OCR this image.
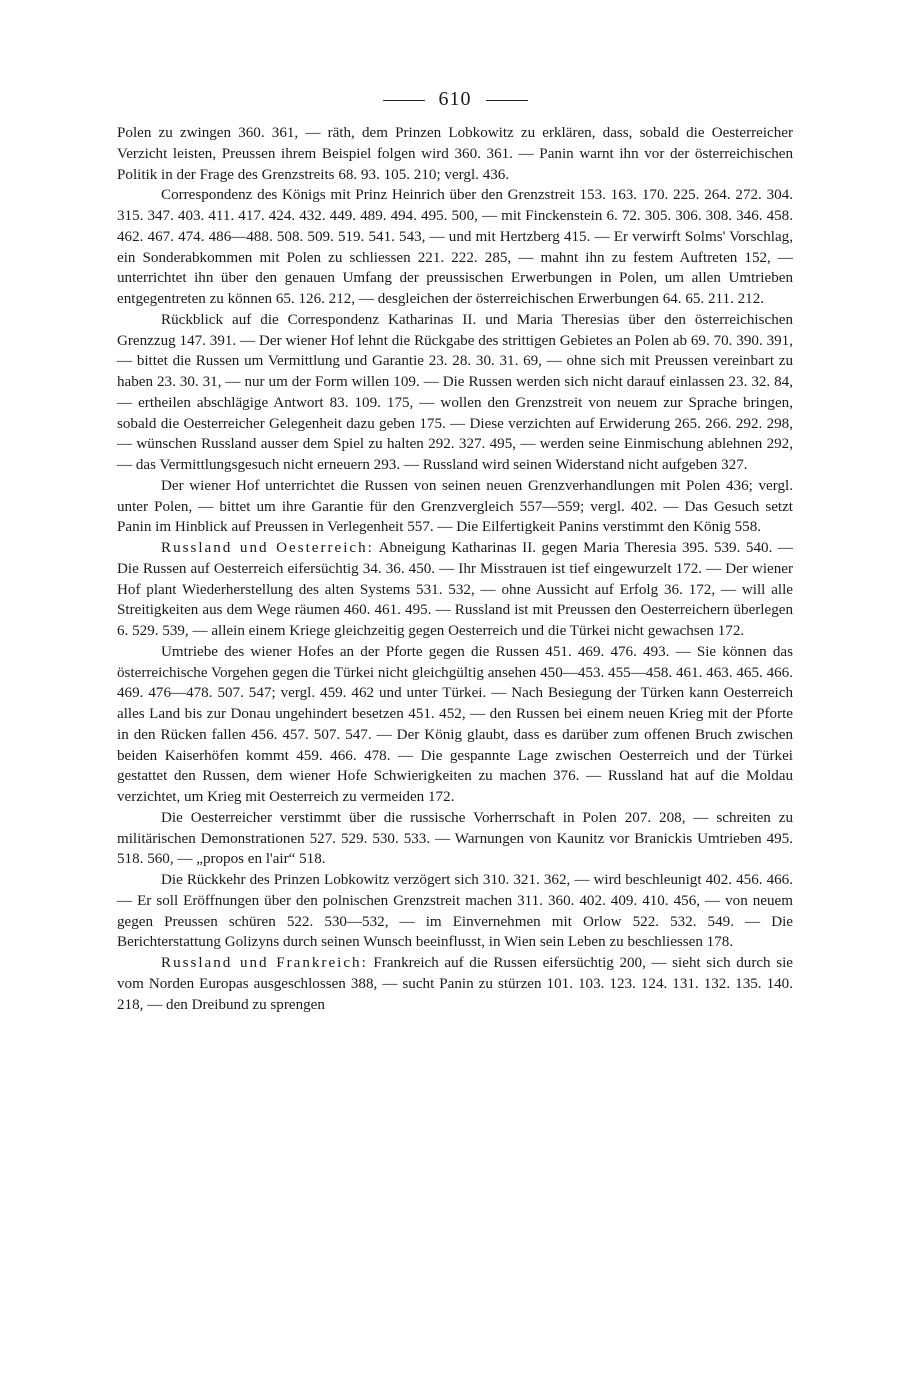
610

Polen zu zwingen 360. 361, — räth, dem Prinzen Lobkowitz zu erklären, dass, sobald die Oesterreicher Verzicht leisten, Preussen ihrem Beispiel folgen wird 360. 361. — Panin warnt ihn vor der österreichischen Politik in der Frage des Grenzstreits 68. 93. 105. 210; vergl. 436.

Correspondenz des Königs mit Prinz Heinrich über den Grenzstreit 153. 163. 170. 225. 264. 272. 304. 315. 347. 403. 411. 417. 424. 432. 449. 489. 494. 495. 500, — mit Finckenstein 6. 72. 305. 306. 308. 346. 458. 462. 467. 474. 486—488. 508. 509. 519. 541. 543, — und mit Hertzberg 415. — Er verwirft Solms' Vorschlag, ein Sonderabkommen mit Polen zu schliessen 221. 222. 285, — mahnt ihn zu festem Auftreten 152, — unterrichtet ihn über den genauen Umfang der preussischen Erwerbungen in Polen, um allen Umtrieben entgegentreten zu können 65. 126. 212, — desgleichen der österreichischen Erwerbungen 64. 65. 211. 212.

Rückblick auf die Correspondenz Katharinas II. und Maria Theresias über den österreichischen Grenzzug 147. 391. — Der wiener Hof lehnt die Rückgabe des strittigen Gebietes an Polen ab 69. 70. 390. 391, — bittet die Russen um Vermittlung und Garantie 23. 28. 30. 31. 69, — ohne sich mit Preussen vereinbart zu haben 23. 30. 31, — nur um der Form willen 109. — Die Russen werden sich nicht darauf einlassen 23. 32. 84, — ertheilen abschlägige Antwort 83. 109. 175, — wollen den Grenzstreit von neuem zur Sprache bringen, sobald die Oesterreicher Gelegenheit dazu geben 175. — Diese verzichten auf Erwiderung 265. 266. 292. 298, — wünschen Russland ausser dem Spiel zu halten 292. 327. 495, — werden seine Einmischung ablehnen 292, — das Vermittlungsgesuch nicht erneuern 293. — Russland wird seinen Widerstand nicht aufgeben 327.

Der wiener Hof unterrichtet die Russen von seinen neuen Grenzverhandlungen mit Polen 436; vergl. unter Polen, — bittet um ihre Garantie für den Grenzvergleich 557—559; vergl. 402. — Das Gesuch setzt Panin im Hinblick auf Preussen in Verlegenheit 557. — Die Eilfertigkeit Panins verstimmt den König 558.

Russland und Oesterreich: Abneigung Katharinas II. gegen Maria Theresia 395. 539. 540. — Die Russen auf Oesterreich eifersüchtig 34. 36. 450. — Ihr Misstrauen ist tief eingewurzelt 172. — Der wiener Hof plant Wiederherstellung des alten Systems 531. 532, — ohne Aussicht auf Erfolg 36. 172, — will alle Streitigkeiten aus dem Wege räumen 460. 461. 495. — Russland ist mit Preussen den Oesterreichern überlegen 6. 529. 539, — allein einem Kriege gleichzeitig gegen Oesterreich und die Türkei nicht gewachsen 172.

Umtriebe des wiener Hofes an der Pforte gegen die Russen 451. 469. 476. 493. — Sie können das österreichische Vorgehen gegen die Türkei nicht gleichgültig ansehen 450—453. 455—458. 461. 463. 465. 466. 469. 476—478. 507. 547; vergl. 459. 462 und unter Türkei. — Nach Besiegung der Türken kann Oesterreich alles Land bis zur Donau ungehindert besetzen 451. 452, — den Russen bei einem neuen Krieg mit der Pforte in den Rücken fallen 456. 457. 507. 547. — Der König glaubt, dass es darüber zum offenen Bruch zwischen beiden Kaiserhöfen kommt 459. 466. 478. — Die gespannte Lage zwischen Oesterreich und der Türkei gestattet den Russen, dem wiener Hofe Schwierigkeiten zu machen 376. — Russland hat auf die Moldau verzichtet, um Krieg mit Oesterreich zu vermeiden 172.

Die Oesterreicher verstimmt über die russische Vorherrschaft in Polen 207. 208, — schreiten zu militärischen Demonstrationen 527. 529. 530. 533. — Warnungen von Kaunitz vor Branickis Umtrieben 495. 518. 560, — „propos en l'air“ 518.

Die Rückkehr des Prinzen Lobkowitz verzögert sich 310. 321. 362, — wird beschleunigt 402. 456. 466. — Er soll Eröffnungen über den polnischen Grenzstreit machen 311. 360. 402. 409. 410. 456, — von neuem gegen Preussen schüren 522. 530—532, — im Einvernehmen mit Orlow 522. 532. 549. — Die Berichterstattung Golizyns durch seinen Wunsch beeinflusst, in Wien sein Leben zu beschliessen 178.

Russland und Frankreich: Frankreich auf die Russen eifersüchtig 200, — sieht sich durch sie vom Norden Europas ausgeschlossen 388, — sucht Panin zu stürzen 101. 103. 123. 124. 131. 132. 135. 140. 218, — den Dreibund zu sprengen
